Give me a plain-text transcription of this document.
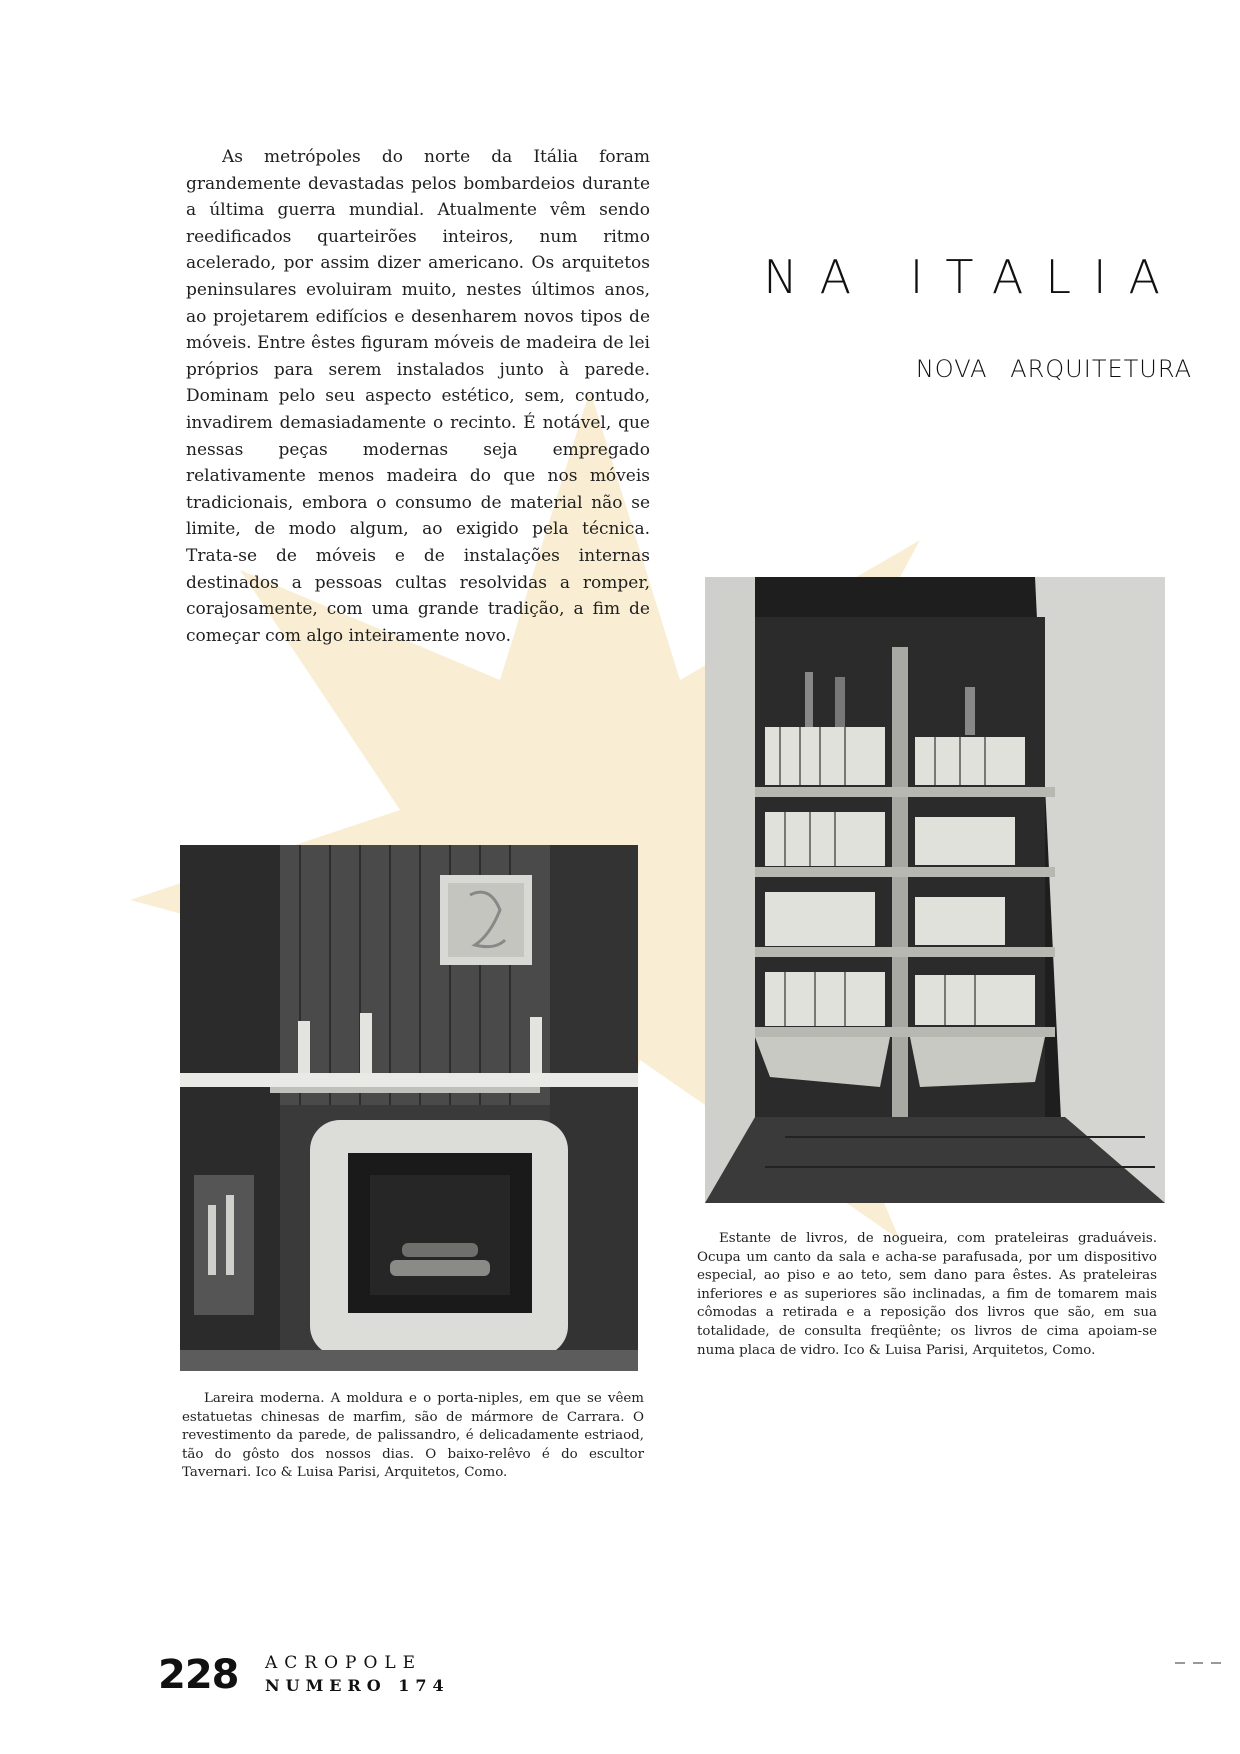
As metrópoles do norte da Itália foram grandemente devastadas pelos bombardeios durante a última guerra mundial. Atualmente vêm sendo reedificados quarteirões inteiros, num ritmo acelerado, por assim dizer americano. Os arquitetos peninsulares evoluiram muito, nestes últimos anos, ao projetarem edifícios e desenharem novos tipos de móveis. Entre êstes figuram móveis de madeira de lei próprios para serem instalados junto à parede. Dominam pelo seu aspecto estético, sem, contudo, invadirem demasiadamente o recinto. É notável, que nessas peças modernas seja empregado relativamente menos madeira do que nos móveis tradicionais, embora o consumo de material não se limite, de modo algum, ao exigido pela técnica. Trata-se de móveis e de instalações internas destinados a pessoas cultas resolvidas a romper, corajosamente, com uma grande tradição, a fim de começar com algo inteiramente novo.

NA ITALIA
NOVA ARQUITETURA

Lareira moderna. A moldura e o porta-niples, em que se vêem estatuetas chinesas de marfim, são de mármore de Carrara. O revestimento da parede, de palissandro, é delicadamente estriaod, tão do gôsto dos nossos dias. O baixo-relêvo é do escultor Tavernari. Ico & Luisa Parisi, Arquitetos, Como.

Estante de livros, de nogueira, com prateleiras graduáveis. Ocupa um canto da sala e acha-se parafusada, por um dispositivo especial, ao piso e ao teto, sem dano para êstes. As prateleiras inferiores e as superiores são inclinadas, a fim de tomarem mais cômodas a retirada e a reposição dos livros que são, em sua totalidade, de consulta freqüênte; os livros de cima apoiam-se numa placa de vidro. Ico & Luisa Parisi, Arquitetos, Como.

228 ACROPOLE
NUMERO 174
